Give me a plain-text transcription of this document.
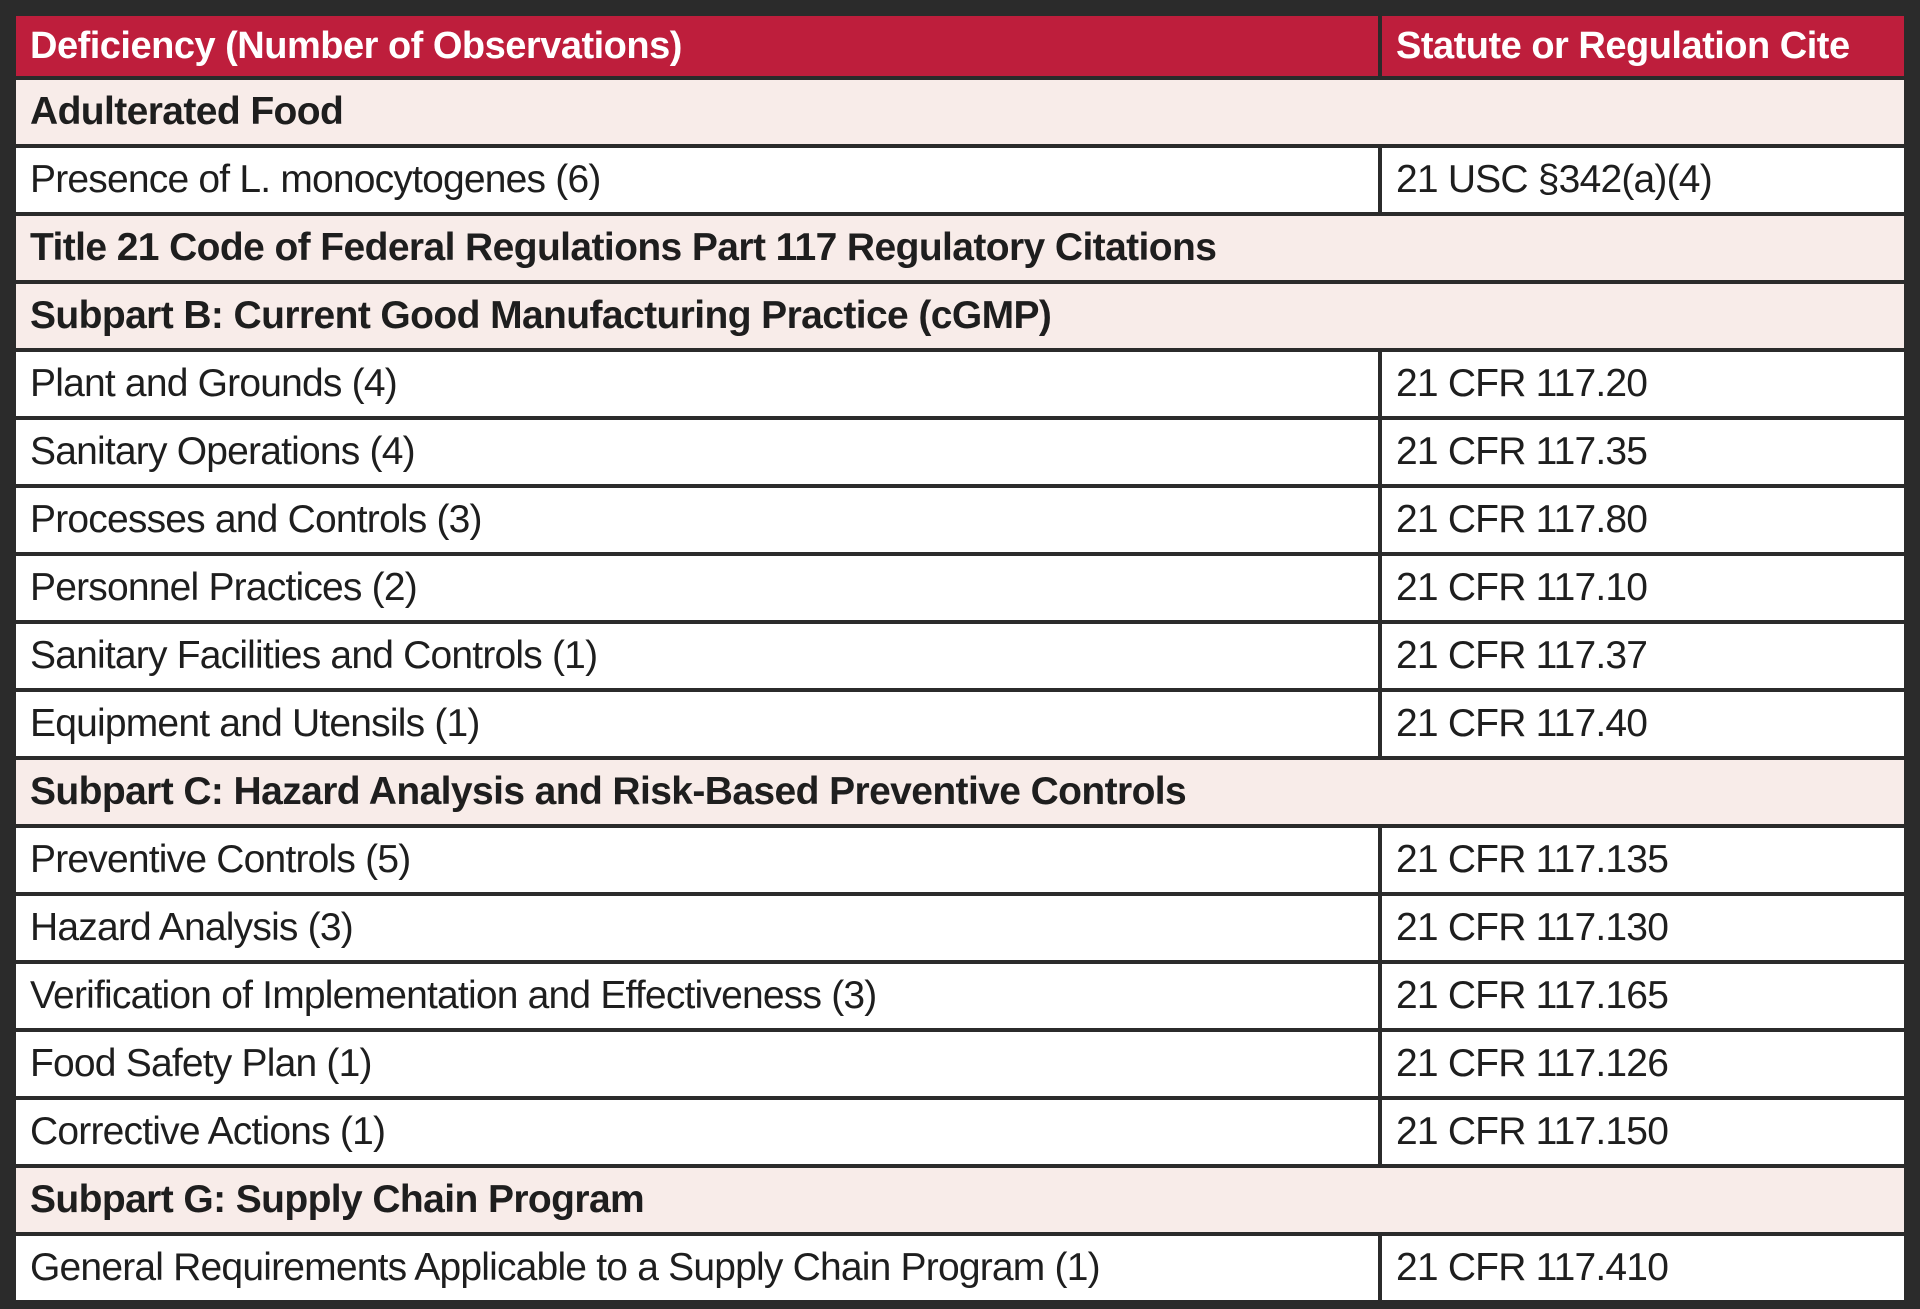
Deficiency (Number of Observations)	Statute or Regulation Cite
Adulterated Food	
Presence of L. monocytogenes (6)	21 USC §342(a)(4)
Title 21 Code of Federal Regulations Part 117 Regulatory Citations	
Subpart B: Current Good Manufacturing Practice (cGMP)	
Plant and Grounds (4)	21 CFR 117.20
Sanitary Operations (4)	21 CFR 117.35
Processes and Controls (3)	21 CFR 117.80
Personnel Practices (2)	21 CFR 117.10
Sanitary Facilities and Controls (1)	21 CFR 117.37
Equipment and Utensils (1)	21 CFR 117.40
Subpart C: Hazard Analysis and Risk-Based Preventive Controls	
Preventive Controls (5)	21 CFR 117.135
Hazard Analysis (3)	21 CFR 117.130
Verification of Implementation and Effectiveness (3)	21 CFR 117.165
Food Safety Plan (1)	21 CFR 117.126
Corrective Actions (1)	21 CFR 117.150
Subpart G: Supply Chain Program	
General Requirements Applicable to a Supply Chain Program (1)	21 CFR 117.410
